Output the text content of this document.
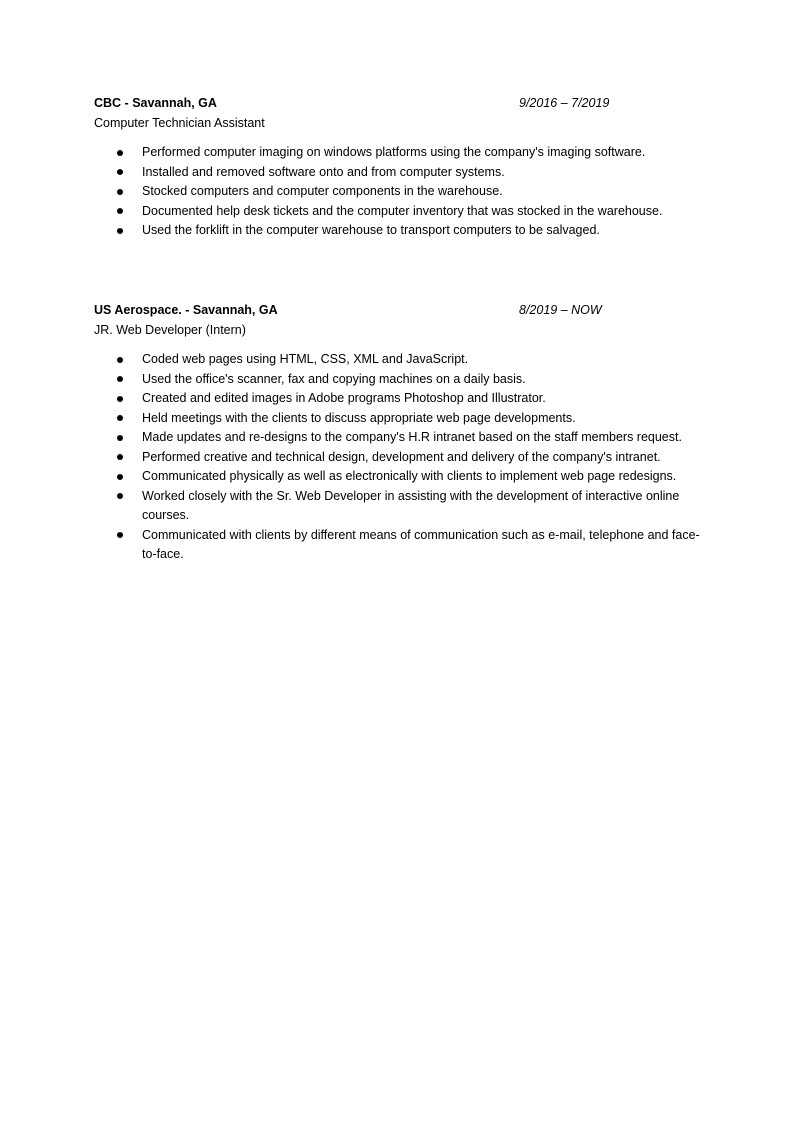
CBC - Savannah, GA	9/2016 – 7/2019
Computer Technician Assistant
Performed computer imaging on windows platforms using the company's imaging software.
Installed and removed software onto and from computer systems.
Stocked computers and computer components in the warehouse.
Documented help desk tickets and the computer inventory that was stocked in the warehouse.
Used the forklift in the computer warehouse to transport computers to be salvaged.
US Aerospace. - Savannah, GA	8/2019 – NOW
JR. Web Developer (Intern)
Coded web pages using HTML, CSS, XML and JavaScript.
Used the office's scanner, fax and copying machines on a daily basis.
Created and edited images in Adobe programs Photoshop and Illustrator.
Held meetings with the clients to discuss appropriate web page developments.
Made updates and re-designs to the company's H.R intranet based on the staff members request.
Performed creative and technical design, development and delivery of the company's intranet.
Communicated physically as well as electronically with clients to implement web page redesigns.
Worked closely with the Sr. Web Developer in assisting with the development of interactive online courses.
Communicated with clients by different means of communication such as e-mail, telephone and face-to-face.
